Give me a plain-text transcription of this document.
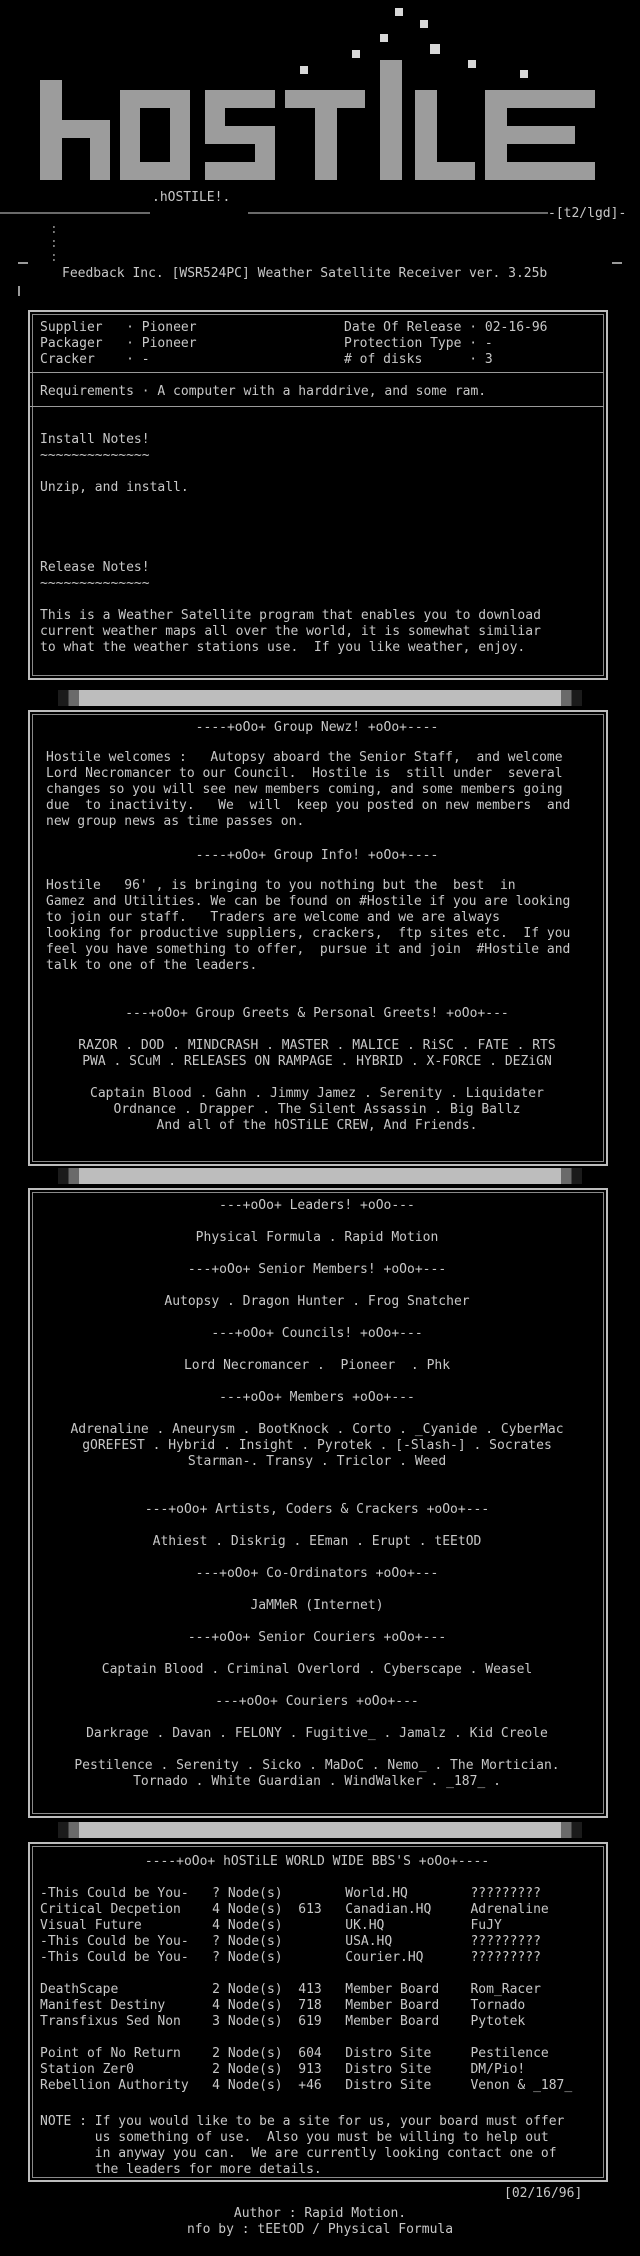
.hOSTILE!.
-[t2/lgd]-
:
:
:
Feedback Inc. [WSR524PC] Weather Satellite Receiver ver. 3.25b
Supplier   · Pioneer
Packager   · Pioneer
Cracker    · -
Date Of Release · 02-16-96
Protection Type · -
# of disks      · 3
Requirements · A computer with a harddrive, and some ram.
Install Notes!
~~~~~~~~~~~~~~

Unzip, and install.
Release Notes!
~~~~~~~~~~~~~~

This is a Weather Satellite program that enables you to download
current weather maps all over the world, it is somewhat similiar
to what the weather stations use.  If you like weather, enjoy.
----+oOo+ Group Newz! +oOo+----
Hostile welcomes :   Autopsy aboard the Senior Staff,  and welcome
Lord Necromancer to our Council.  Hostile is  still under  several
changes so you will see new members coming, and some members going
due  to inactivity.   We  will  keep you posted on new members  and
new group news as time passes on.
----+oOo+ Group Info! +oOo+----
Hostile   96' , is bringing to you nothing but the  best  in
Gamez and Utilities. We can be found on #Hostile if you are looking
to join our staff.   Traders are welcome and we are always
looking for productive suppliers, crackers,  ftp sites etc.  If you
feel you have something to offer,  pursue it and join  #Hostile and
talk to one of the leaders.
---+oOo+ Group Greets & Personal Greets! +oOo+---
RAZOR . DOD . MINDCRASH . MASTER . MALICE . RiSC . FATE . RTS
PWA . SCuM . RELEASES ON RAMPAGE . HYBRID . X-FORCE . DEZiGN

Captain Blood . Gahn . Jimmy Jamez . Serenity . Liquidater
Ordnance . Drapper . The Silent Assassin . Big Ballz
And all of the hOSTiLE CREW, And Friends.
---+oOo+ Leaders! +oOo---
Physical Formula . Rapid Motion
---+oOo+ Senior Members! +oOo+---
Autopsy . Dragon Hunter . Frog Snatcher
---+oOo+ Councils! +oOo+---
Lord Necromancer .  Pioneer  . Phk
---+oOo+ Members +oOo+---
Adrenaline . Aneurysm . BootKnock . Corto . _Cyanide . CyberMac
gOREFEST . Hybrid . Insight . Pyrotek . [-Slash-] . Socrates
Starman-. Transy . Triclor . Weed
---+oOo+ Artists, Coders & Crackers +oOo+---
Athiest . Diskrig . EEman . Erupt . tEEtOD
---+oOo+ Co-Ordinators +oOo+---
JaMMeR (Internet)
---+oOo+ Senior Couriers +oOo+---
Captain Blood . Criminal Overlord . Cyberscape . Weasel
---+oOo+ Couriers +oOo+---
Darkrage . Davan . FELONY . Fugitive_ . Jamalz . Kid Creole

Pestilence . Serenity . Sicko . MaDoC . Nemo_ . The Mortician.
Tornado . White Guardian . WindWalker . _187_ .
----+oOo+ hOSTiLE WORLD WIDE BBS'S +oOo+----
-This Could be You-   ? Node(s)        World.HQ        ?????????
Critical Decpetion    4 Node(s)  613   Canadian.HQ     Adrenaline
Visual Future         4 Node(s)        UK.HQ           FuJY
-This Could be You-   ? Node(s)        USA.HQ          ?????????
-This Could be You-   ? Node(s)        Courier.HQ      ?????????

DeathScape            2 Node(s)  413   Member Board    Rom_Racer
Manifest Destiny      4 Node(s)  718   Member Board    Tornado
Transfixus Sed Non    3 Node(s)  619   Member Board    Pytotek

Point of No Return    2 Node(s)  604   Distro Site     Pestilence
Station Zer0          2 Node(s)  913   Distro Site     DM/Pio!
Rebellion Authority   4 Node(s)  +46   Distro Site     Venon & _187_
NOTE : If you would like to be a site for us, your board must offer
us something of use.  Also you must be willing to help out
in anyway you can.  We are currently looking contact one of
the leaders for more details.
[02/16/96]
Author : Rapid Motion.
nfo by : tEEtOD / Physical Formula
